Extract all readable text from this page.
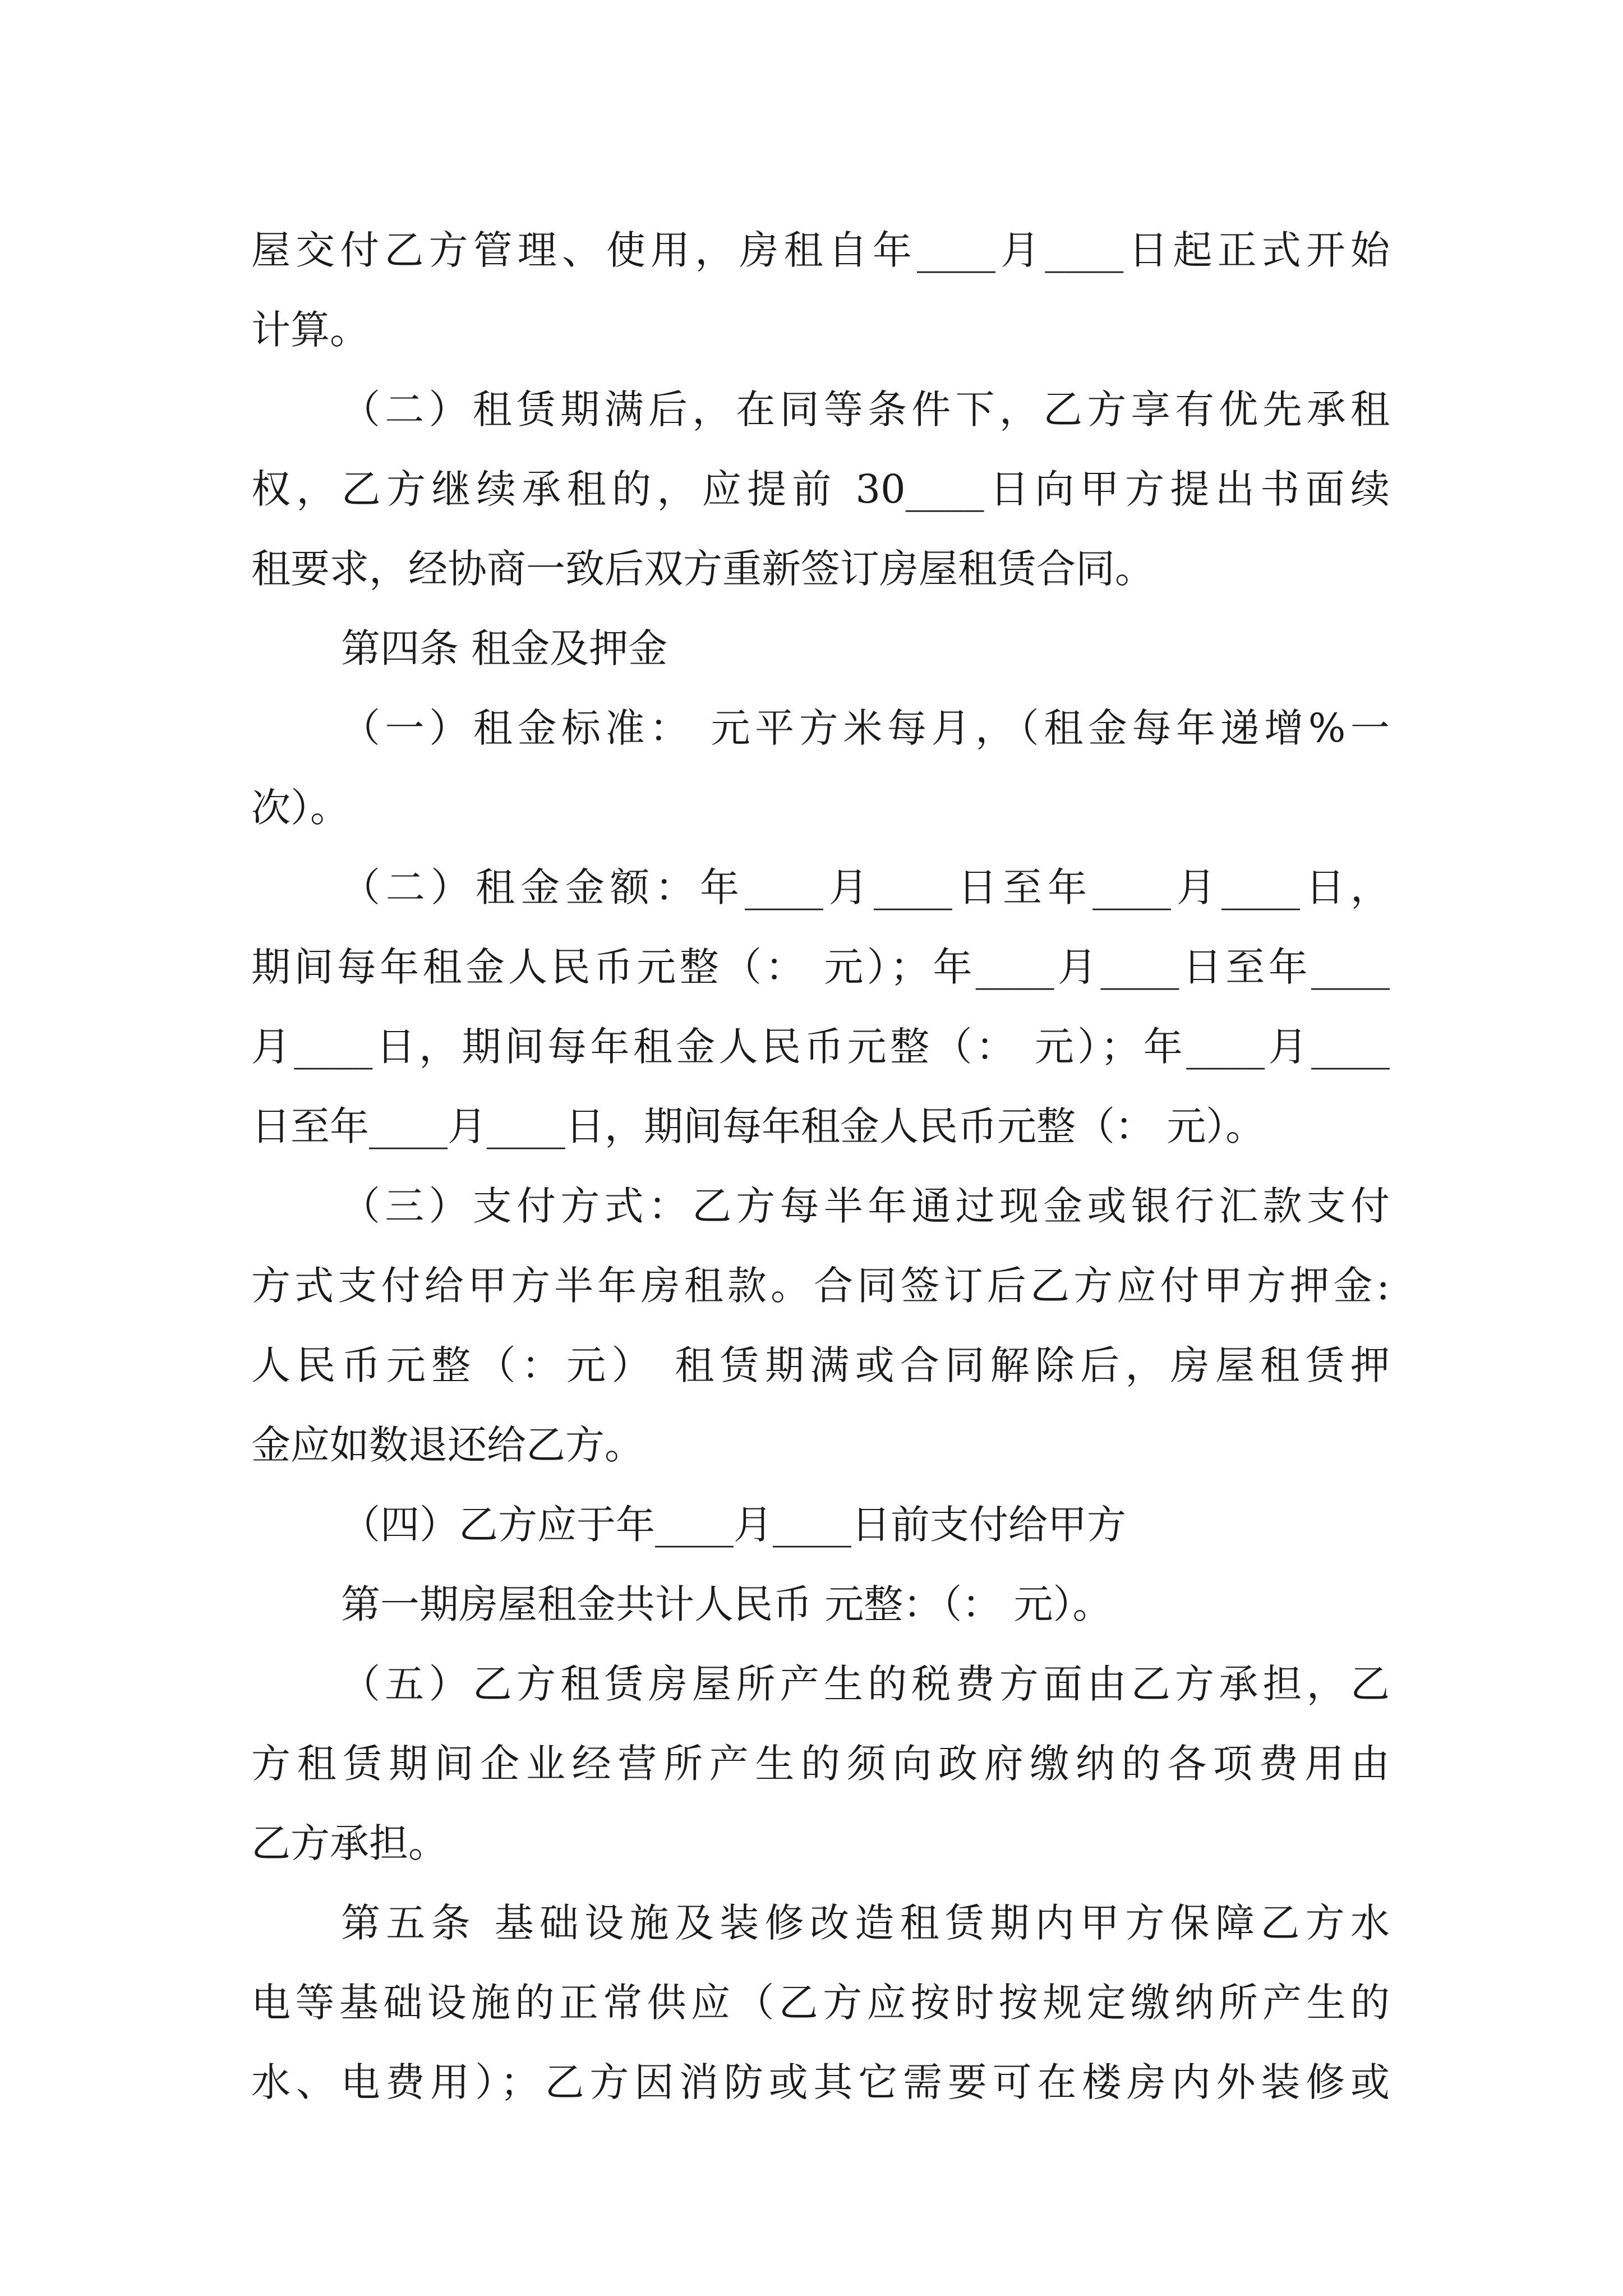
屋交付乙方管理、使用，房租自年____月____日起正式开始
计算。
（二）租赁期满后，在同等条件下，乙方享有优先承租
权，乙方继续承租的，应提前 30____日向甲方提出书面续
租要求，经协商一致后双方重新签订房屋租赁合同。
第四条 租金及押金
（一）租金标准： 元平方米每月，（租金每年递增%一
次）。
（二）租金金额：年____月____日至年____月____日，
期间每年租金人民币元整（： 元）；年____月____日至年____
月____日，期间每年租金人民币元整（： 元）；年____月____
日至年____月____日，期间每年租金人民币元整（： 元）。
（三）支付方式：乙方每半年通过现金或银行汇款支付
方式支付给甲方半年房租款。合同签订后乙方应付甲方押金:
人民币元整（：元） 租赁期满或合同解除后，房屋租赁押
金应如数退还给乙方。
（四）乙方应于年____月____日前支付给甲方
第一期房屋租金共计人民币 元整：（： 元）。
（五）乙方租赁房屋所产生的税费方面由乙方承担，乙
方租赁期间企业经营所产生的须向政府缴纳的各项费用由
乙方承担。
第五条 基础设施及装修改造租赁期内甲方保障乙方水
电等基础设施的正常供应（乙方应按时按规定缴纳所产生的
水、电费用）；乙方因消防或其它需要可在楼房内外装修或
